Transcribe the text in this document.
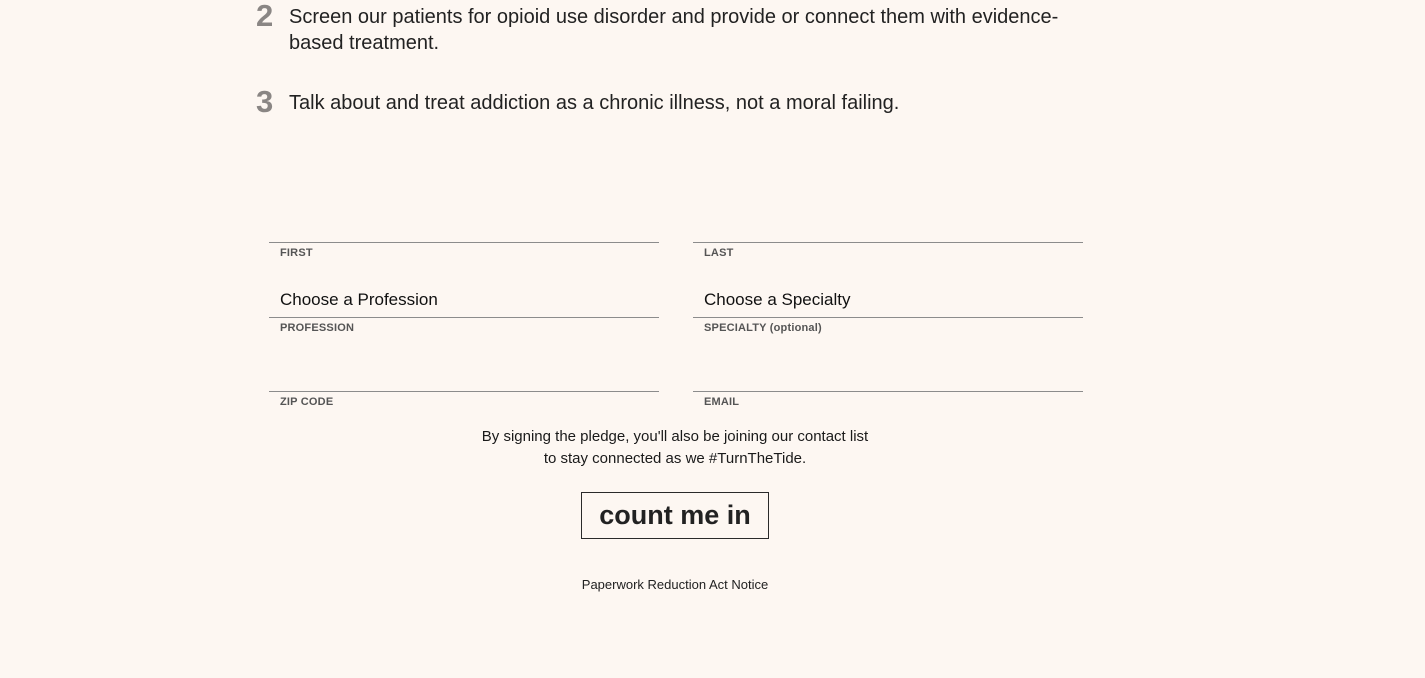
2 Screen our patients for opioid use disorder and provide or connect them with evidence-based treatment.
3 Talk about and treat addiction as a chronic illness, not a moral failing.
FIRST	LAST
Choose a Profession
PROFESSION
Choose a Specialty
SPECIALTY (optional)
ZIP CODE	EMAIL
By signing the pledge, you'll also be joining our contact list
to stay connected as we #TurnTheTide.
count me in
Paperwork Reduction Act Notice
